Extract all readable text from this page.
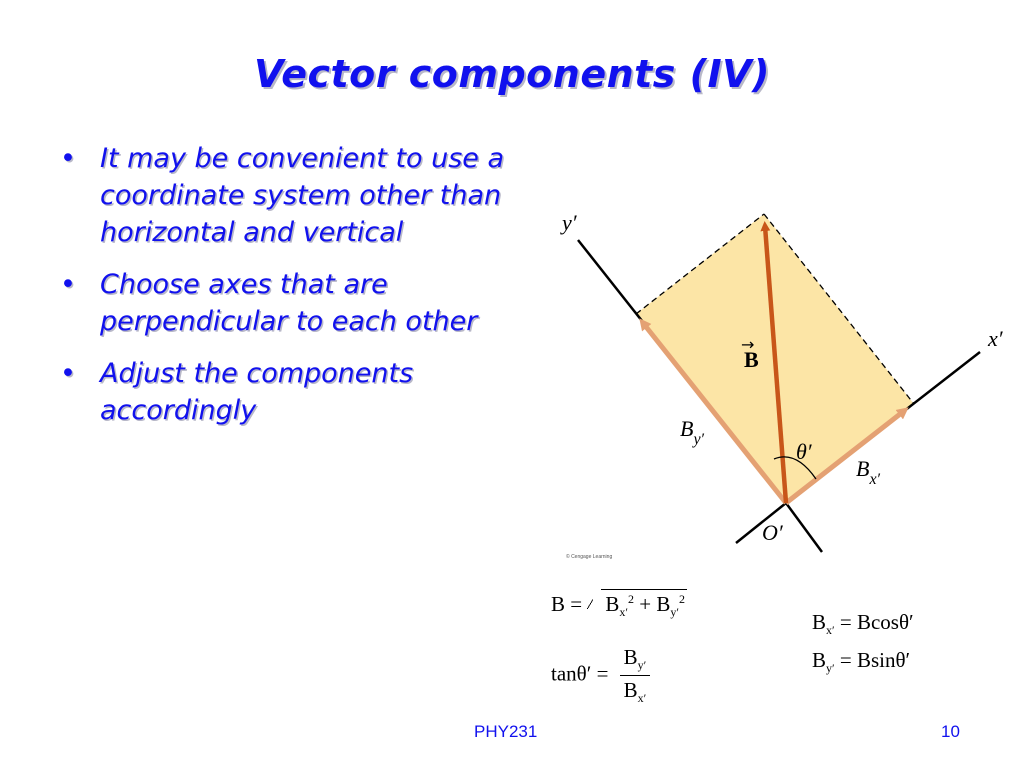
Vector components (IV)
• It may be convenient to use a coordinate system other than horizontal and vertical
• Choose axes that are perpendicular to each other
• Adjust the components accordingly
y′
x′
O′
→
B
$B_{y'}$
$B_{x'}$
θ′
© Cengage Learning
$B = B_{x'}^2 + B_{y'}^2$
$\tan\theta' = \frac{B_{y'}}{B_{x'}}$
$B_{x'} = Bcos\theta'$
$B_{y'} = Bsin\theta'$
PHY231	10
